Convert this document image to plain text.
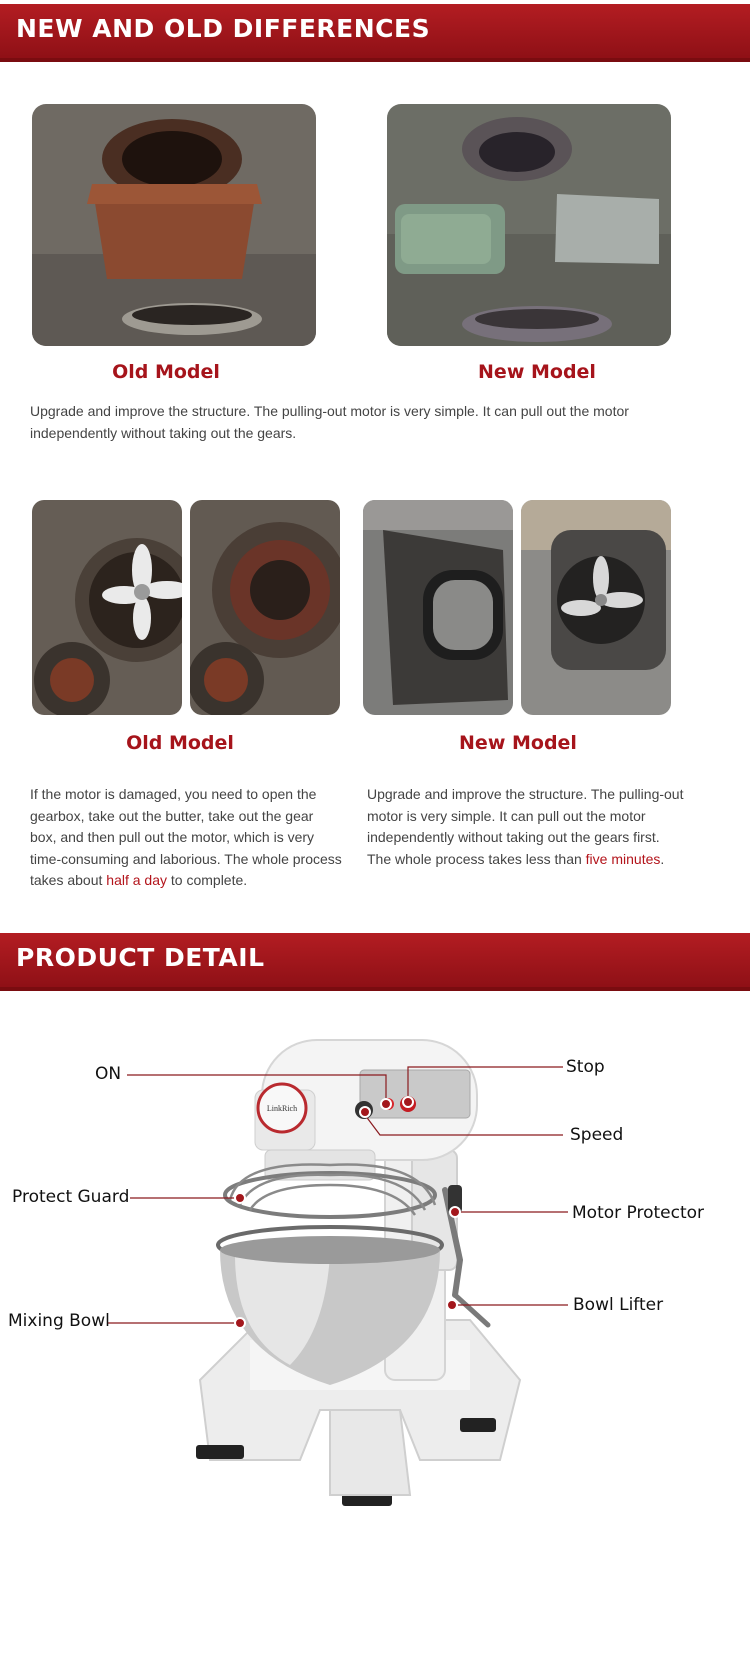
NEW AND OLD DIFFERENCES
Old Model	New Model
Upgrade and improve the structure. The pulling-out motor is very simple. It can pull out the motor independently without taking out the gears.
Old Model	New Model
If the motor is damaged, you need to open the gearbox, take out the butter, take out the gear box, and then pull out the motor, which is very time-consuming and laborious. The whole process takes about half a day to complete.
Upgrade and improve the structure. The pulling-out motor is very simple. It can pull out the motor independently without taking out the gears first. The whole process takes less than five minutes.
PRODUCT DETAIL
LinkRich
ON	Stop
Speed
Protect Guard
Motor Protector
Mixing Bowl
Bowl Lifter
